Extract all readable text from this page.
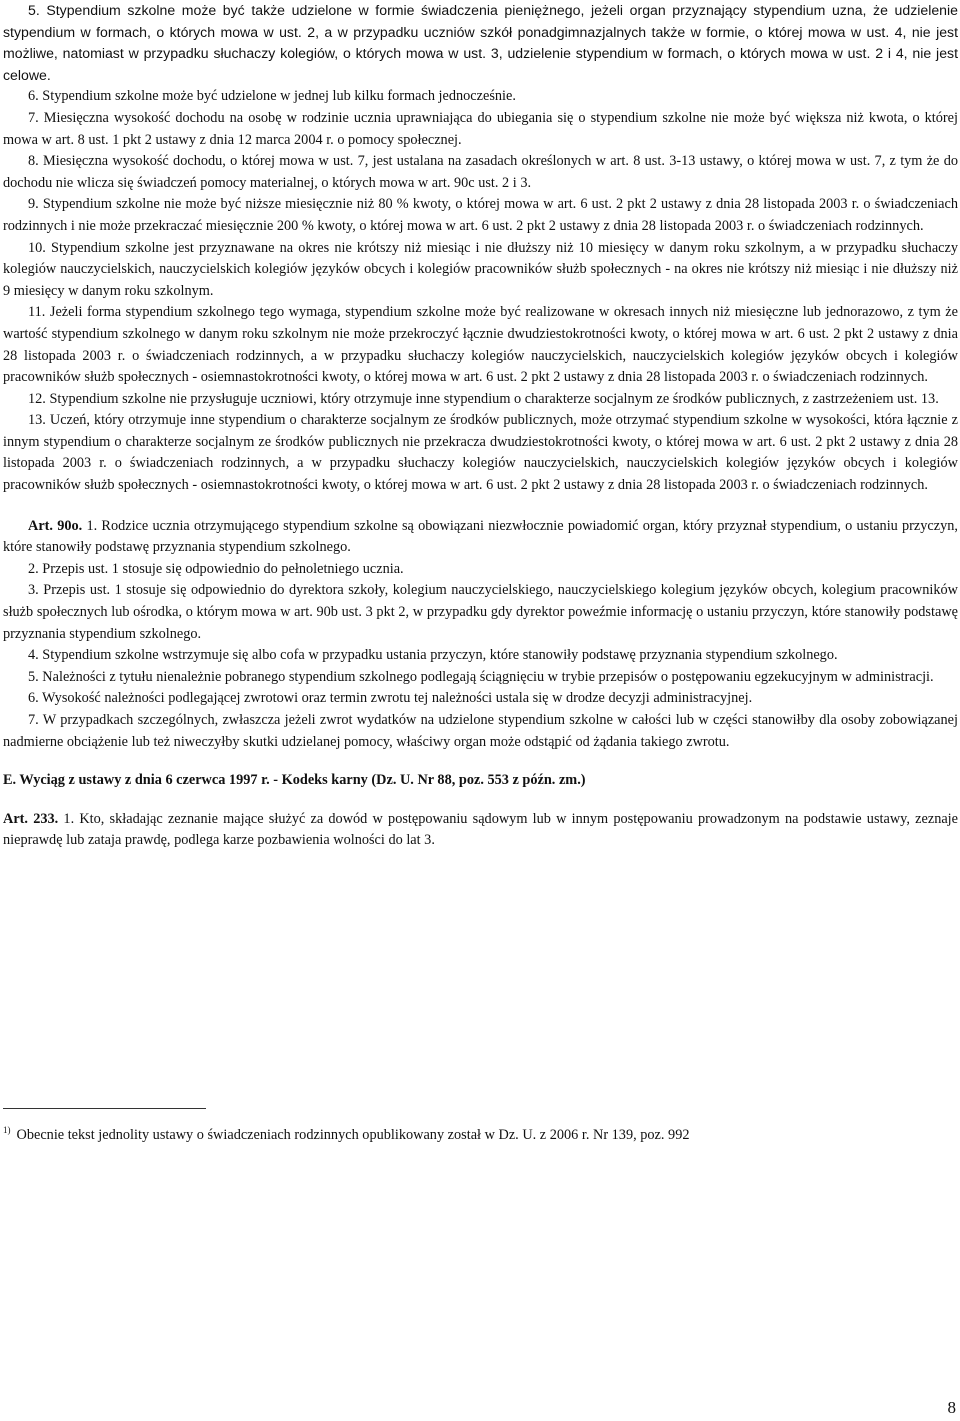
5. Stypendium szkolne może być także udzielone w formie świadczenia pieniężnego, jeżeli organ przyznający stypendium uzna, że udzielenie stypendium w formach, o których mowa w ust. 2, a w przypadku uczniów szkół ponadgimnazjalnych także w formie, o której mowa w ust. 4, nie jest możliwe, natomiast w przypadku słuchaczy kolegiów, o których mowa w ust. 3, udzielenie stypendium w formach, o których mowa w ust. 2 i 4, nie jest celowe.

6. Stypendium szkolne może być udzielone w jednej lub kilku formach jednocześnie.

7. Miesięczna wysokość dochodu na osobę w rodzinie ucznia uprawniająca do ubiegania się o stypendium szkolne nie może być większa niż kwota, o której mowa w art. 8 ust. 1 pkt 2 ustawy z dnia 12 marca 2004 r. o pomocy społecznej.

8. Miesięczna wysokość dochodu, o której mowa w ust. 7, jest ustalana na zasadach określonych w art. 8 ust. 3-13 ustawy, o której mowa w ust. 7, z tym że do dochodu nie wlicza się świadczeń pomocy materialnej, o których mowa w art. 90c ust. 2 i 3.

9. Stypendium szkolne nie może być niższe miesięcznie niż 80 % kwoty, o której mowa w art. 6 ust. 2 pkt 2 ustawy z dnia 28 listopada 2003 r. o świadczeniach rodzinnych i nie może przekraczać miesięcznie 200 % kwoty, o której mowa w art. 6 ust. 2 pkt 2 ustawy z dnia 28 listopada 2003 r. o świadczeniach rodzinnych.

10. Stypendium szkolne jest przyznawane na okres nie krótszy niż miesiąc i nie dłuższy niż 10 miesięcy w danym roku szkolnym, a w przypadku słuchaczy kolegiów nauczycielskich, nauczycielskich kolegiów języków obcych i kolegiów pracowników służb społecznych - na okres nie krótszy niż miesiąc i nie dłuższy niż 9 miesięcy w danym roku szkolnym.

11. Jeżeli forma stypendium szkolnego tego wymaga, stypendium szkolne może być realizowane w okresach innych niż miesięczne lub jednorazowo, z tym że wartość stypendium szkolnego w danym roku szkolnym nie może przekroczyć łącznie dwudziestokrotności kwoty, o której mowa w art. 6 ust. 2 pkt 2 ustawy z dnia 28 listopada 2003 r. o świadczeniach rodzinnych, a w przypadku słuchaczy kolegiów nauczycielskich, nauczycielskich kolegiów języków obcych i kolegiów pracowników służb społecznych - osiemnastokrotności kwoty, o której mowa w art. 6 ust. 2 pkt 2 ustawy z dnia 28 listopada 2003 r. o świadczeniach rodzinnych.

12. Stypendium szkolne nie przysługuje uczniowi, który otrzymuje inne stypendium o charakterze socjalnym ze środków publicznych, z zastrzeżeniem ust. 13.

13. Uczeń, który otrzymuje inne stypendium o charakterze socjalnym ze środków publicznych, może otrzymać stypendium szkolne w wysokości, która łącznie z innym stypendium o charakterze socjalnym ze środków publicznych nie przekracza dwudziestokrotności kwoty, o której mowa w art. 6 ust. 2 pkt 2 ustawy z dnia 28 listopada 2003 r. o świadczeniach rodzinnych, a w przypadku słuchaczy kolegiów nauczycielskich, nauczycielskich kolegiów języków obcych i kolegiów pracowników służb społecznych - osiemnastokrotności kwoty, o której mowa w art. 6 ust. 2 pkt 2 ustawy z dnia 28 listopada 2003 r. o świadczeniach rodzinnych.

Art. 90o. 1. Rodzice ucznia otrzymującego stypendium szkolne są obowiązani niezwłocznie powiadomić organ, który przyznał stypendium, o ustaniu przyczyn, które stanowiły podstawę przyznania stypendium szkolnego.

2. Przepis ust. 1 stosuje się odpowiednio do pełnoletniego ucznia.

3. Przepis ust. 1 stosuje się odpowiednio do dyrektora szkoły, kolegium nauczycielskiego, nauczycielskiego kolegium języków obcych, kolegium pracowników służb społecznych lub ośrodka, o którym mowa w art. 90b ust. 3 pkt 2, w przypadku gdy dyrektor poweźmie informację o ustaniu przyczyn, które stanowiły podstawę przyznania stypendium szkolnego.

4. Stypendium szkolne wstrzymuje się albo cofa w przypadku ustania przyczyn, które stanowiły podstawę przyznania stypendium szkolnego.

5. Należności z tytułu nienależnie pobranego stypendium szkolnego podlegają ściągnięciu w trybie przepisów o postępowaniu egzekucyjnym w administracji.

6. Wysokość należności podlegającej zwrotowi oraz termin zwrotu tej należności ustala się w drodze decyzji administracyjnej.

7. W przypadkach szczególnych, zwłaszcza jeżeli zwrot wydatków na udzielone stypendium szkolne w całości lub w części stanowiłby dla osoby zobowiązanej nadmierne obciążenie lub też niweczyłby skutki udzielanej pomocy, właściwy organ może odstąpić od żądania takiego zwrotu.

E. Wyciąg z ustawy z dnia 6 czerwca 1997 r. - Kodeks karny (Dz. U. Nr 88, poz. 553 z późn. zm.)

Art. 233. 1. Kto, składając zeznanie mające służyć za dowód w postępowaniu sądowym lub w innym postępowaniu prowadzonym na podstawie ustawy, zeznaje nieprawdę lub zataja prawdę, podlega karze pozbawienia wolności do lat 3.

$^{1)}$ Obecnie tekst jednolity ustawy o świadczeniach rodzinnych opublikowany został w Dz. U. z 2006 r. Nr 139, poz. 992
8
